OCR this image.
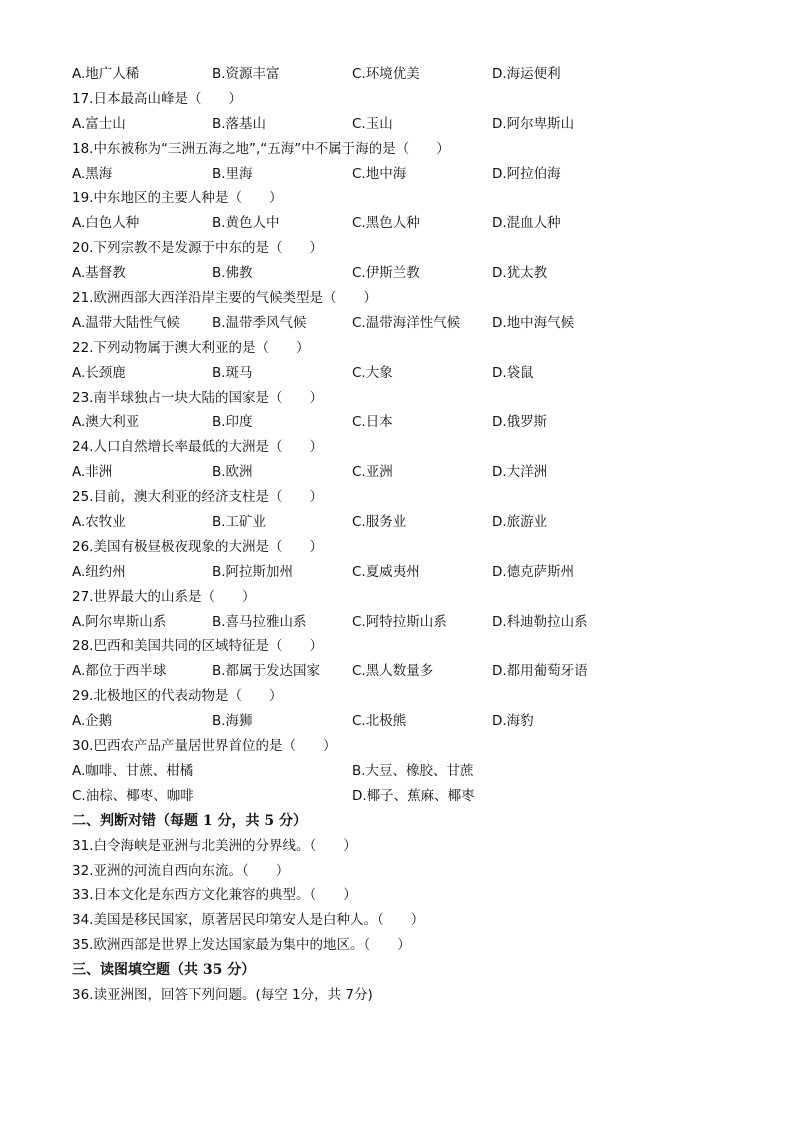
A.地广人稀	B.资源丰富	C.环境优美	D.海运便利
17.日本最高山峰是（　　）
A.富士山	B.落基山	C.玉山	D.阿尔卑斯山
18.中东被称为“三洲五海之地”,“五海”中不属于海的是（　　）
A.黑海	B.里海	C.地中海	D.阿拉伯海
19.中东地区的主要人种是（　　）
A.白色人种	B.黄色人中	C.黑色人种	D.混血人种
20.下列宗教不是发源于中东的是（　　）
A.基督教	B.佛教	C.伊斯兰教	D.犹太教
21.欧洲西部大西洋沿岸主要的气候类型是（　　）
A.温带大陆性气候 B.温带季风气候	C.温带海洋性气候 D.地中海气候
22.下列动物属于澳大利亚的是（　　）
A.长颈鹿	B.斑马	C.大象	D.袋鼠
23.南半球独占一块大陆的国家是（　　）
A.澳大利亚	B.印度	C.日本	D.俄罗斯
24.人口自然增长率最低的大洲是（　　）
A.非洲	B.欧洲	C.亚洲	D.大洋洲
25.目前，澳大利亚的经济支柱是（　　）
A.农牧业	B.工矿业	C.服务业	D.旅游业
26.美国有极昼极夜现象的大洲是（　　）
A.纽约州	B.阿拉斯加州	C.夏威夷州	D.德克萨斯州
27.世界最大的山系是（　　）
A.阿尔卑斯山系	B.喜马拉雅山系	C.阿特拉斯山系	D.科迪勒拉山系
28.巴西和美国共同的区域特征是（　　）
A.都位于西半球	B.都属于发达国家 C.黑人数量多	D.都用葡萄牙语
29.北极地区的代表动物是（　　）
A.企鹅	B.海狮	C.北极熊	D.海豹
30.巴西农产品产量居世界首位的是（　　）
A.咖啡、甘蔗、柑橘	B.大豆、橡胶、甘蔗
C.油棕、椰枣、咖啡	D.椰子、蕉麻、椰枣
二、判断对错（每题 1 分，共 5 分）
31.白令海峡是亚洲与北美洲的分界线。（　　）
32.亚洲的河流自西向东流。（　　）
33.日本文化是东西方文化兼容的典型。（　　）
34.美国是移民国家，原著居民印第安人是白种人。（　　）
35.欧洲西部是世界上发达国家最为集中的地区。（　　）
三、读图填空题（共 35 分）
36.读亚洲图，回答下列问题。(每空 1分，共 7分)
